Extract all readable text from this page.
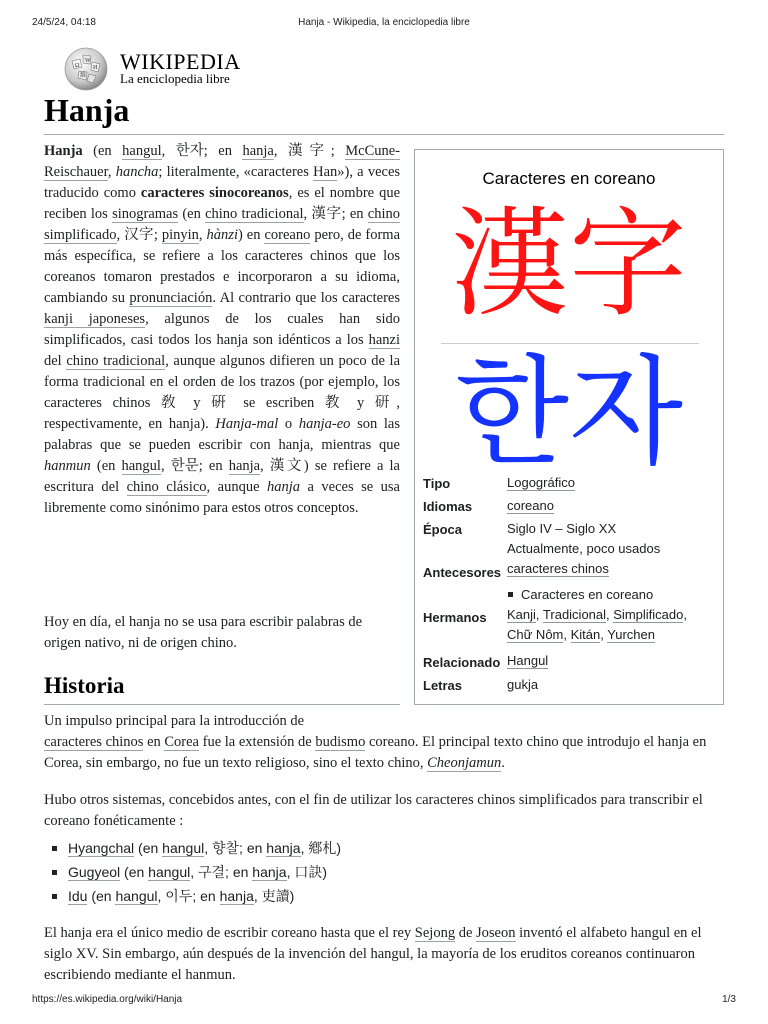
24/5/24, 04:18	Hanja - Wikipedia, la enciclopedia libre
Ω
W
И
維
WIKIPEDIA
La enciclopedia libre
Hanja

Hanja (en hangul, 한자; en hanja, 漢字; McCune-Reischauer, hancha; literalmente, «caracteres Han»), a veces traducido como caracteres sinocoreanos, es el nombre que reciben los sinogramas (en chino tradicional, 漢字; en chino simplificado, 汉字; pinyin, hànzi) en coreano pero, de forma más específica, se refiere a los caracteres chinos que los coreanos tomaron prestados e incorporaron a su idioma, cambiando su pronunciación. Al contrario que los caracteres kanji japoneses, algunos de los cuales han sido simplificados, casi todos los hanja son idénticos a los hanzi del chino tradicional, aunque algunos difieren un poco de la forma tradicional en el orden de los trazos (por ejemplo, los caracteres chinos 敎 y 硏 se escriben 教 y 研, respectivamente, en hanja). Hanja-mal o hanja-eo son las palabras que se pueden escribir con hanja, mientras que hanmun (en hangul, 한문; en hanja, 漢文) se refiere a la escritura del chino clásico, aunque hanja a veces se usa libremente como sinónimo para estos otros conceptos.

Hoy en día, el hanja no se usa para escribir palabras de origen nativo, ni de origen chino.
Caracteres en coreano
漢字
한자
Tipo	Logográfico
Idiomas	coreano
Época	Siglo IV – Siglo XX
Actualmente, poco usados
Antecesores caracteres chinos
Hermanos
Caracteres en coreano
Kanji, Tradicional, Simplificado,
Chữ Nôm, Kitán, Yurchen
Relacionado Hangul
Letras	gukja
Historia
Un impulso principal para la introducción de
caracteres chinos en Corea fue la extensión de budismo coreano. El principal texto chino que introdujo el hanja en Corea, sin embargo, no fue un texto religioso, sino el texto chino, Cheonjamun.
Hubo otros sistemas, concebidos antes, con el fin de utilizar los caracteres chinos simplificados para transcribir el coreano fonéticamente :
Hyangchal (en hangul, 향찰; en hanja, 鄕札)
Gugyeol (en hangul, 구결; en hanja, 口訣)
Idu (en hangul, 이두; en hanja, 吏讀)
El hanja era el único medio de escribir coreano hasta que el rey Sejong de Joseon inventó el alfabeto hangul en el siglo XV. Sin embargo, aún después de la invención del hangul, la mayoría de los eruditos coreanos continuaron escribiendo mediante el hanmun.
https://es.wikipedia.org/wiki/Hanja	1/3
